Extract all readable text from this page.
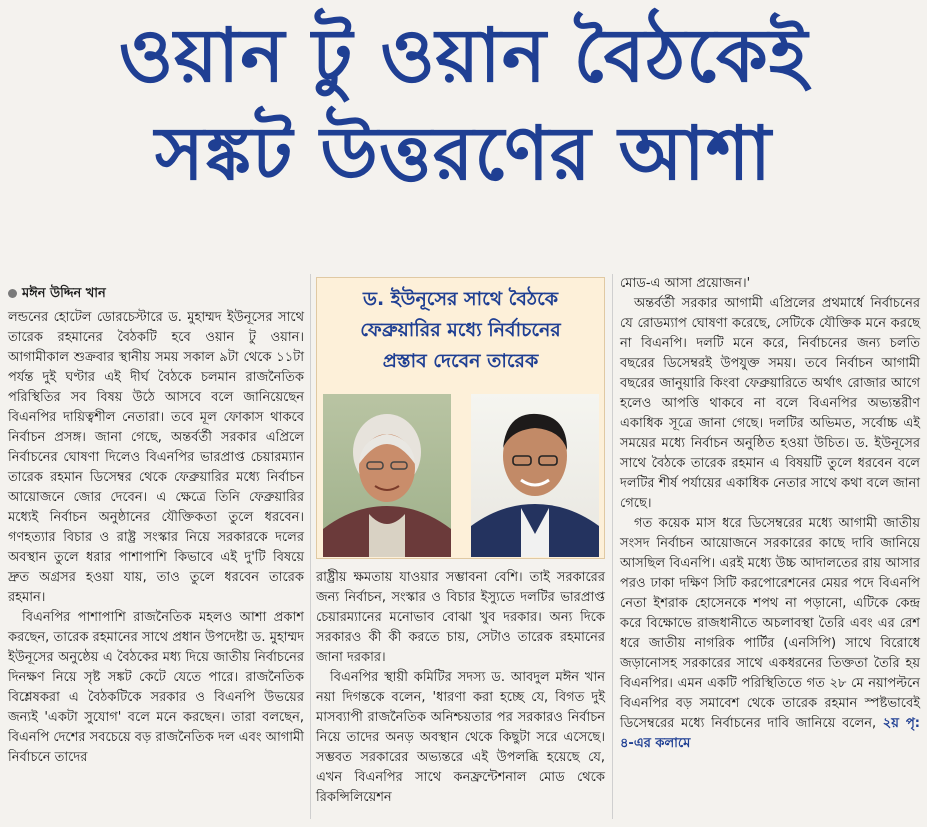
ওয়ান টু ওয়ান বৈঠকেই
সঙ্কট উত্তরণের আশা
মঈন উদ্দিন খান

লন্ডনের হোটেল ডোরচেস্টারে ড. মুহাম্মদ ইউনূসের সাথে তারেক রহমানের বৈঠকটি হবে ওয়ান টু ওয়ান। আগামীকাল শুক্রবার স্থানীয় সময় সকাল ৯টা থেকে ১১টা পর্যন্ত দুই ঘণ্টার এই দীর্ঘ বৈঠকে চলমান রাজনৈতিক পরিস্থিতির সব বিষয় উঠে আসবে বলে জানিয়েছেন বিএনপির দায়িত্বশীল নেতারা। তবে মূল ফোকাস থাকবে নির্বাচন প্রসঙ্গ। জানা গেছে, অন্তর্বর্তী সরকার এপ্রিলে নির্বাচনের ঘোষণা দিলেও বিএনপির ভারপ্রাপ্ত চেয়ারম্যান তারেক রহমান ডিসেম্বর থেকে ফেব্রুয়ারির মধ্যে নির্বাচন আয়োজনে জোর দেবেন। এ ক্ষেত্রে তিনি ফেব্রুয়ারির মধ্যেই নির্বাচন অনুষ্ঠানের যৌক্তিকতা তুলে ধরবেন। গণহত্যার বিচার ও রাষ্ট্র সংস্কার নিয়ে সরকারকে দলের অবস্থান তুলে ধরার পাশাপাশি কিভাবে এই দু'টি বিষয়ে দ্রুত অগ্রসর হওয়া যায়, তাও তুলে ধরবেন তারেক রহমান।

বিএনপির পাশাপাশি রাজনৈতিক মহলও আশা প্রকাশ করছেন, তারেক রহমানের সাথে প্রধান উপদেষ্টা ড. মুহাম্মদ ইউনূসের অনুষ্ঠেয় এ বৈঠকের মধ্য দিয়ে জাতীয় নির্বাচনের দিনক্ষণ নিয়ে সৃষ্ট সঙ্কট কেটে যেতে পারে। রাজনৈতিক বিশ্লেষকরা এ বৈঠকটিকে সরকার ও বিএনপি উভয়ের জন্যই 'একটা সুযোগ' বলে মনে করছেন। তারা বলছেন, বিএনপি দেশের সবচেয়ে বড় রাজনৈতিক দল এবং আগামী নির্বাচনে তাদের

ড. ইউনূসের সাথে বৈঠকে
ফেব্রুয়ারির মধ্যে নির্বাচনের
প্রস্তাব দেবেন তারেক

রাষ্ট্রীয় ক্ষমতায় যাওয়ার সম্ভাবনা বেশি। তাই সরকারের জন্য নির্বাচন, সংস্কার ও বিচার ইস্যুতে দলটির ভারপ্রাপ্ত চেয়ারম্যানের মনোভাব বোঝা খুব দরকার। অন্য দিকে সরকারও কী কী করতে চায়, সেটাও তারেক রহমানের জানা দরকার।

বিএনপির স্থায়ী কমিটির সদস্য ড. আবদুল মঈন খান নয়া দিগন্তকে বলেন, 'ধারণা করা হচ্ছে যে, বিগত দুই মাসব্যাপী রাজনৈতিক অনিশ্চয়তার পর সরকারও নির্বাচন নিয়ে তাদের অনড় অবস্থান থেকে কিছুটা সরে এসেছে। সম্ভবত সরকারের অভ্যন্তরে এই উপলব্ধি হয়েছে যে, এখন বিএনপির সাথে কনফ্রন্টেশনাল মোড থেকে রিকন্সিলিয়েশন

মোড-এ আসা প্রয়োজন।'

অন্তর্বর্তী সরকার আগামী এপ্রিলের প্রথমার্ধে নির্বাচনের যে রোডম্যাপ ঘোষণা করেছে, সেটিকে যৌক্তিক মনে করছে না বিএনপি। দলটি মনে করে, নির্বাচনের জন্য চলতি বছরের ডিসেম্বরই উপযুক্ত সময়। তবে নির্বাচন আগামী বছরের জানুয়ারি কিংবা ফেব্রুয়ারিতে অর্থাৎ রোজার আগে হলেও আপত্তি থাকবে না বলে বিএনপির অভ্যন্তরীণ একাধিক সূত্রে জানা গেছে। দলটির অভিমত, সর্বোচ্চ এই সময়ের মধ্যে নির্বাচন অনুষ্ঠিত হওয়া উচিত। ড. ইউনূসের সাথে বৈঠকে তারেক রহমান এ বিষয়টি তুলে ধরবেন বলে দলটির শীর্ষ পর্যায়ের একাধিক নেতার সাথে কথা বলে জানা গেছে।

গত কয়েক মাস ধরে ডিসেম্বরের মধ্যে আগামী জাতীয় সংসদ নির্বাচন আয়োজনে সরকারের কাছে দাবি জানিয়ে আসছিল বিএনপি। এরই মধ্যে উচ্চ আদালতের রায় আসার পরও ঢাকা দক্ষিণ সিটি করপোরেশনের মেয়র পদে বিএনপি নেতা ইশরাক হোসেনকে শপথ না পড়ানো, এটিকে কেন্দ্র করে বিক্ষোভে রাজধানীতে অচলাবস্থা তৈরি এবং এর রেশ ধরে জাতীয় নাগরিক পার্টির (এনসিপি) সাথে বিরোধে জড়ানোসহ সরকারের সাথে একধরনের তিক্ততা তৈরি হয় বিএনপির। এমন একটি পরিস্থিতিতে গত ২৮ মে নয়াপল্টনে বিএনপির বড় সমাবেশ থেকে তারেক রহমান স্পষ্টভাবেই ডিসেম্বরের মধ্যে নির্বাচনের দাবি জানিয়ে বলেন, ২য় পৃ: ৪-এর কলামে
